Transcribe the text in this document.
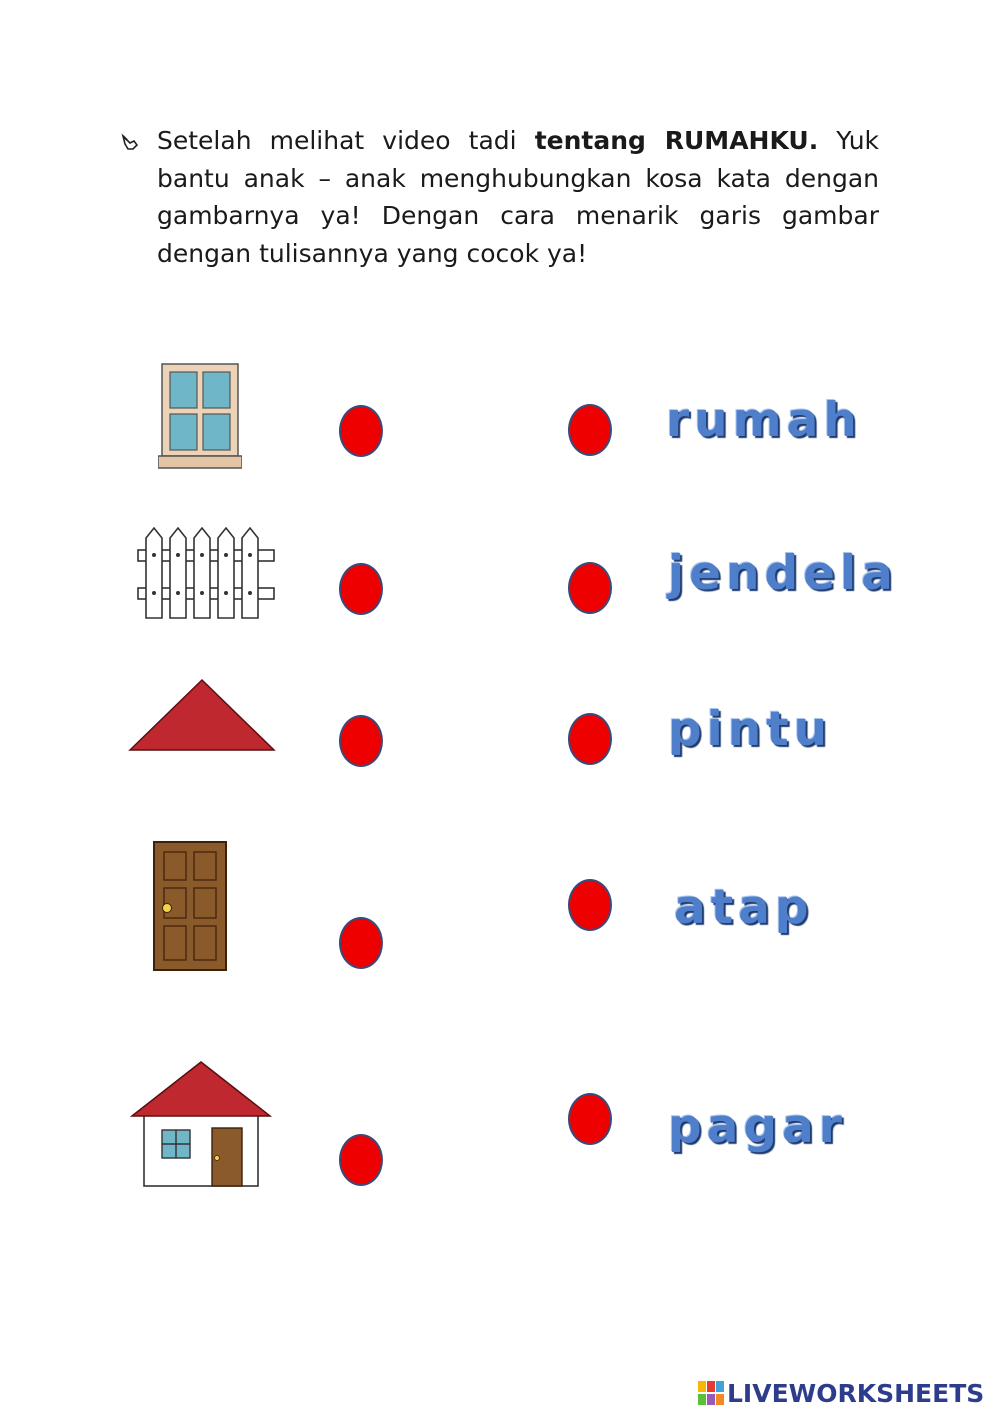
Setelah melihat video tadi tentang RUMAHKU. Yuk bantu anak – anak menghubungkan kosa kata dengan gambarnya ya! Dengan cara menarik garis gambar dengan tulisannya yang cocok ya!

rumah

jendela

pintu

atap

pagar

LIVEWORKSHEETS
